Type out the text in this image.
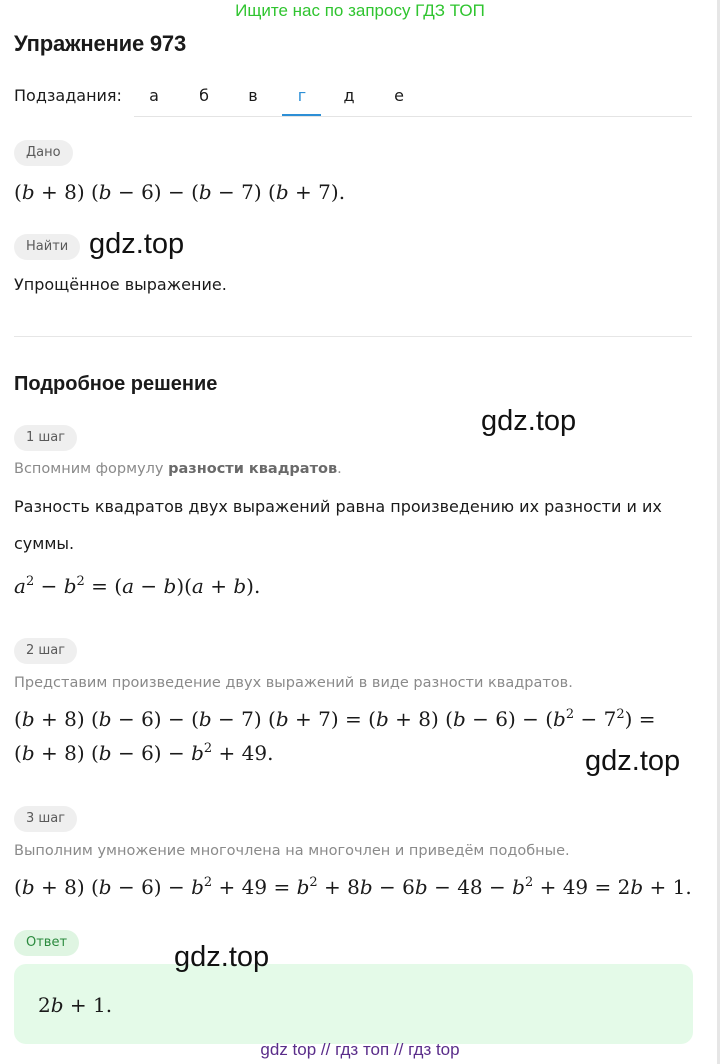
Ищите нас по запросу ГДЗ ТОП
Упражнение 973
Подзадания:	а	б	в	г	д	е
Дано
(b + 8) (b − 6) − (b − 7) (b + 7).
Найти gdz.top
Упрощённое выражение.
Подробное решение
gdz.top
1 шаг
Вспомним формулу разности квадратов.
Разность квадратов двух выражений равна произведению их разности и их
суммы.
$a^2 - b^2 = (a - b)(a + b)$.
2 шаг
Представим произведение двух выражений в виде разности квадратов.
(b + 8) (b − 6) − (b − 7) (b + 7) = (b + 8) $(b - 6) - (b^2 - 7^2)$ =
(b + 8) $(b - 6) - b^2 + 49$.	gdz.top
3 шаг
Выполним умножение многочлена на многочлен и приведём подобные.
(b + 8) $(b - 6) - b^2 + 49 = b^2 + 8b - 6b - 48 - b^2 + 49 = 2b + 1$.
Ответ
2b + 1.
gdz.top
gdz top // гдз топ // гдз top
